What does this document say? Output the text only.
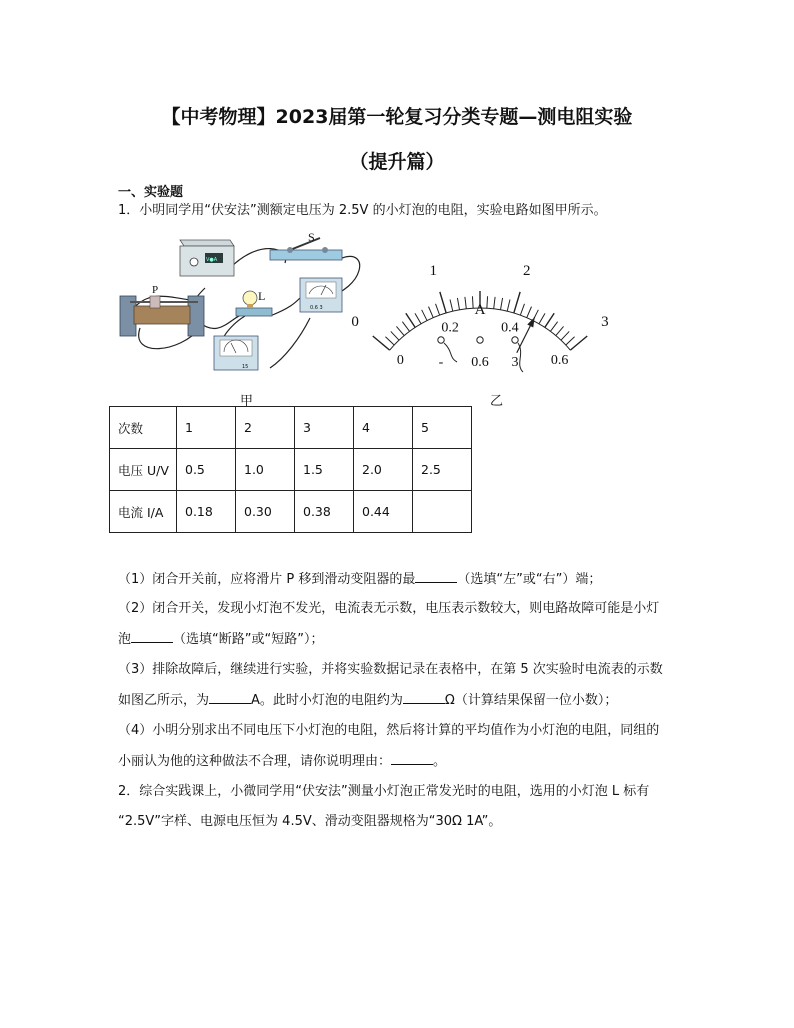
【中考物理】2023届第一轮复习分类专题—测电阻实验
（提升篇）
一、实验题
1．小明同学用“伏安法”测额定电压为 2.5V 的小灯泡的电阻，实验电路如图甲所示。
V●A
S
P	L
0.6 3
15
甲
0
1	2
3
0
0.2	0.4
0.6
A
- 0.6 3
乙
次数	1	2	3	4	5
电压 U/V	0.5	1.0	1.5	2.0	2.5
电流 I/A	0.18	0.30	0.38	0.44	
（1）闭合开关前，应将滑片 P 移到滑动变阻器的最	（选填“左”或“右”）端；
（2）闭合开关，发现小灯泡不发光，电流表无示数，电压表示数较大，则电路故障可能是小灯
泡	（选填“断路”或“短路”）；
（3）排除故障后，继续进行实验，并将实验数据记录在表格中，在第 5 次实验时电流表的示数
如图乙所示，为	A。此时小灯泡的电阻约为	Ω（计算结果保留一位小数）；
（4）小明分别求出不同电压下小灯泡的电阻，然后将计算的平均值作为小灯泡的电阻，同组的
小丽认为他的这种做法不合理，请你说明理由：	。
2．综合实践课上，小微同学用“伏安法”测量小灯泡正常发光时的电阻，选用的小灯泡 L 标有
“2.5V”字样、电源电压恒为 4.5V、滑动变阻器规格为“30Ω 1A”。
